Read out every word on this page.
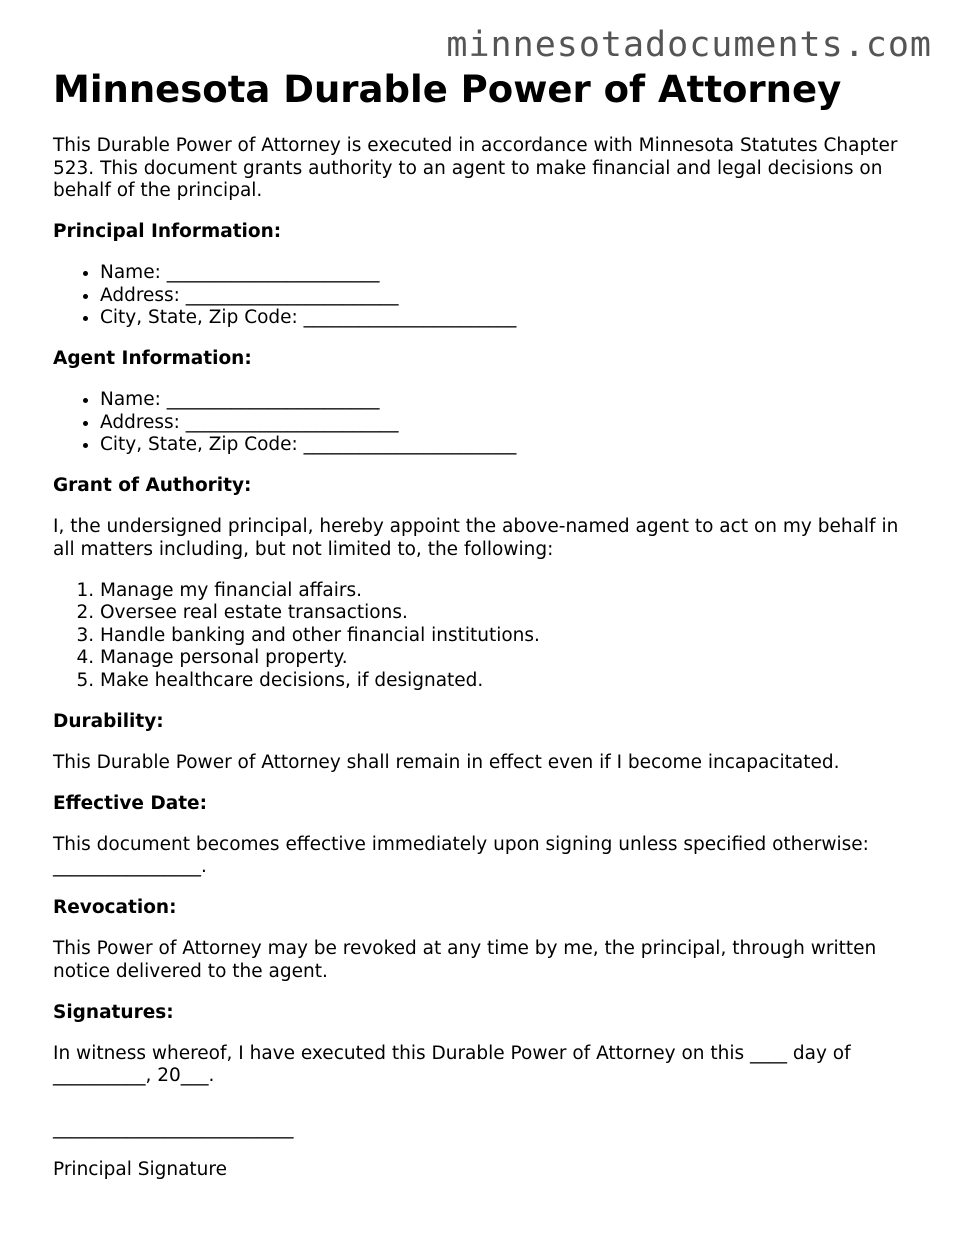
minnesotadocuments.com
Minnesota Durable Power of Attorney

This Durable Power of Attorney is executed in accordance with Minnesota Statutes Chapter 523. This document grants authority to an agent to make financial and legal decisions on behalf of the principal.

Principal Information:
• Name: _______________________
• Address: _______________________
• City, State, Zip Code: _______________________
Agent Information:
• Name: _______________________
• Address: _______________________
• City, State, Zip Code: _______________________
Grant of Authority:

I, the undersigned principal, hereby appoint the above-named agent to act on my behalf in all matters including, but not limited to, the following:

1. Manage my financial affairs.
2. Oversee real estate transactions.
3. Handle banking and other financial institutions.
4. Manage personal property.
5. Make healthcare decisions, if designated.
Durability:

This Durable Power of Attorney shall remain in effect even if I become incapacitated.

Effective Date:

This document becomes effective immediately upon signing unless specified otherwise: ________________.

Revocation:

This Power of Attorney may be revoked at any time by me, the principal, through written notice delivered to the agent.

Signatures:

In witness whereof, I have executed this Durable Power of Attorney on this ____ day of __________, 20___.

__________________________
Principal Signature
